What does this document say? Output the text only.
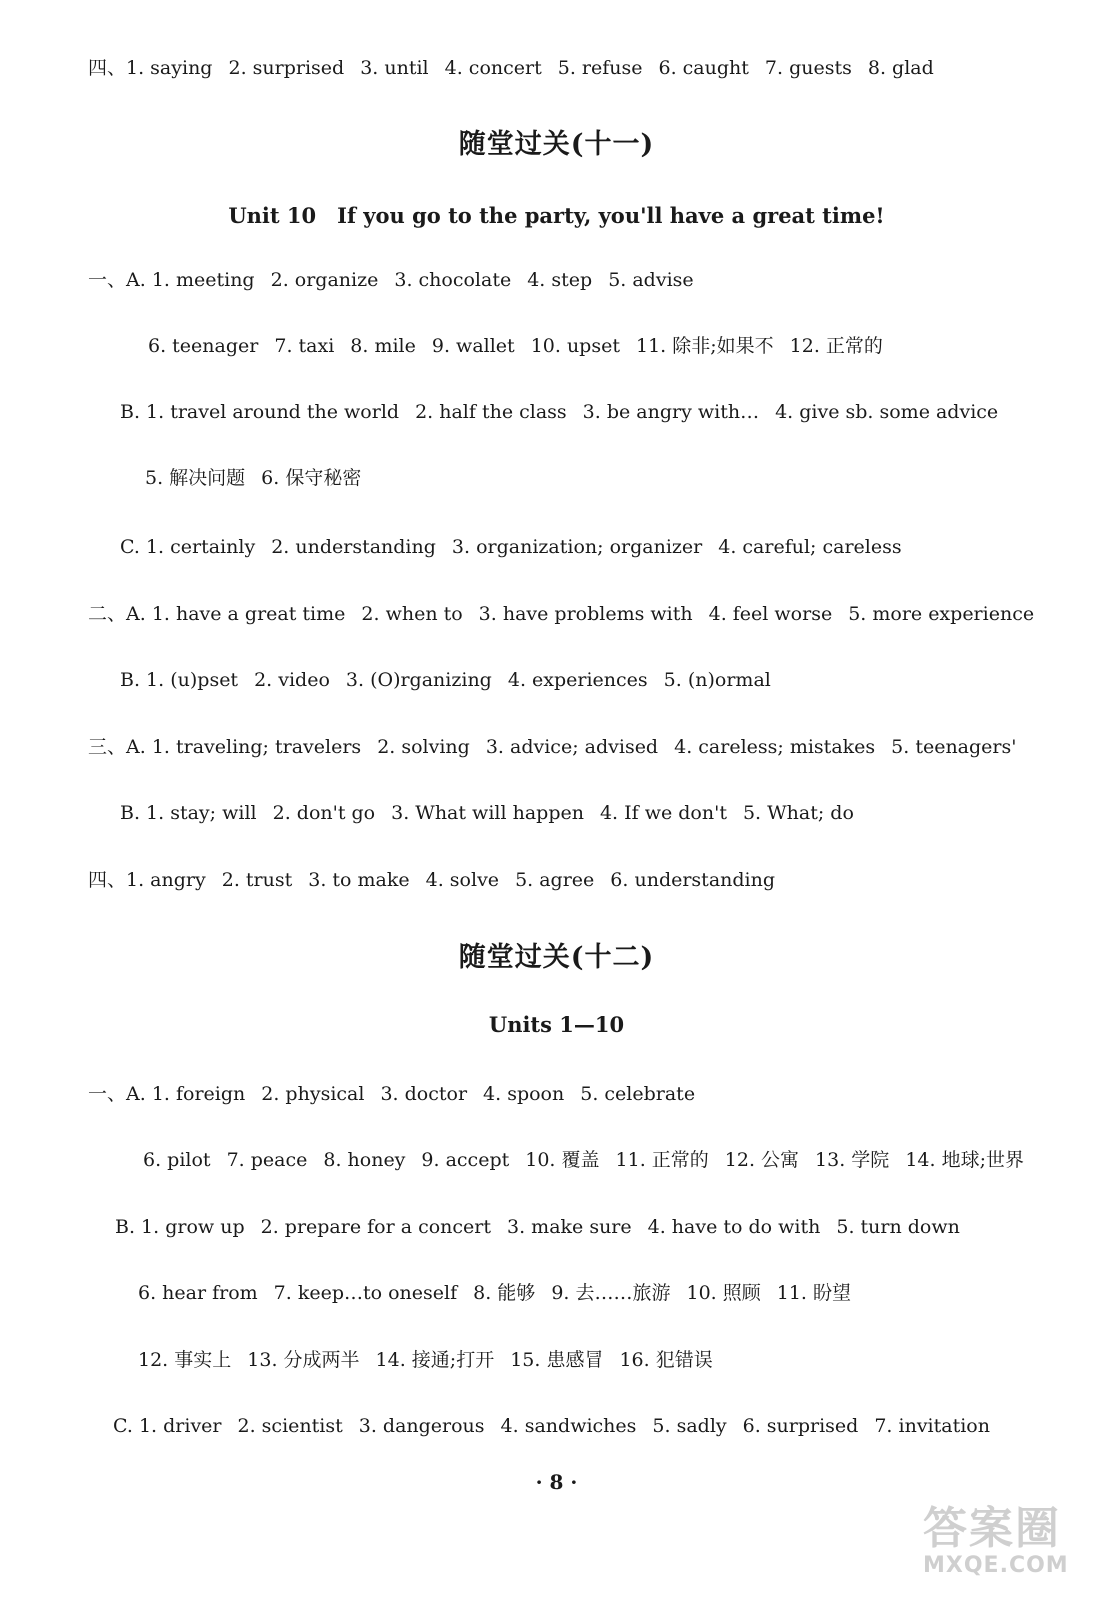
四、1. saying 2. surprised 3. until 4. concert 5. refuse 6. caught 7. guests 8. glad
随堂过关(十一)
Unit 10　If you go to the party, you'll have a great time!
一、A. 1. meeting 2. organize 3. chocolate 4. step 5. advise
6. teenager 7. taxi 8. mile 9. wallet 10. upset 11. 除非;如果不 12. 正常的
B. 1. travel around the world 2. half the class 3. be angry with… 4. give sb. some advice
5. 解决问题 6. 保守秘密
C. 1. certainly 2. understanding 3. organization; organizer 4. careful; careless
二、A. 1. have a great time 2. when to 3. have problems with 4. feel worse 5. more experience
B. 1. (u)pset 2. video 3. (O)rganizing 4. experiences 5. (n)ormal
三、A. 1. traveling; travelers 2. solving 3. advice; advised 4. careless; mistakes 5. teenagers'
B. 1. stay; will 2. don't go 3. What will happen 4. If we don't 5. What; do
四、1. angry 2. trust 3. to make 4. solve 5. agree 6. understanding
随堂过关(十二)
Units 1—10
一、A. 1. foreign 2. physical 3. doctor 4. spoon 5. celebrate
6. pilot 7. peace 8. honey 9. accept 10. 覆盖 11. 正常的 12. 公寓 13. 学院 14. 地球;世界
B. 1. grow up 2. prepare for a concert 3. make sure 4. have to do with 5. turn down
6. hear from 7. keep…to oneself 8. 能够 9. 去……旅游 10. 照顾 11. 盼望
12. 事实上 13. 分成两半 14. 接通;打开 15. 患感冒 16. 犯错误
C. 1. driver 2. scientist 3. dangerous 4. sandwiches 5. sadly 6. surprised 7. invitation
· 8 ·
答案圈
MXQE.COM
